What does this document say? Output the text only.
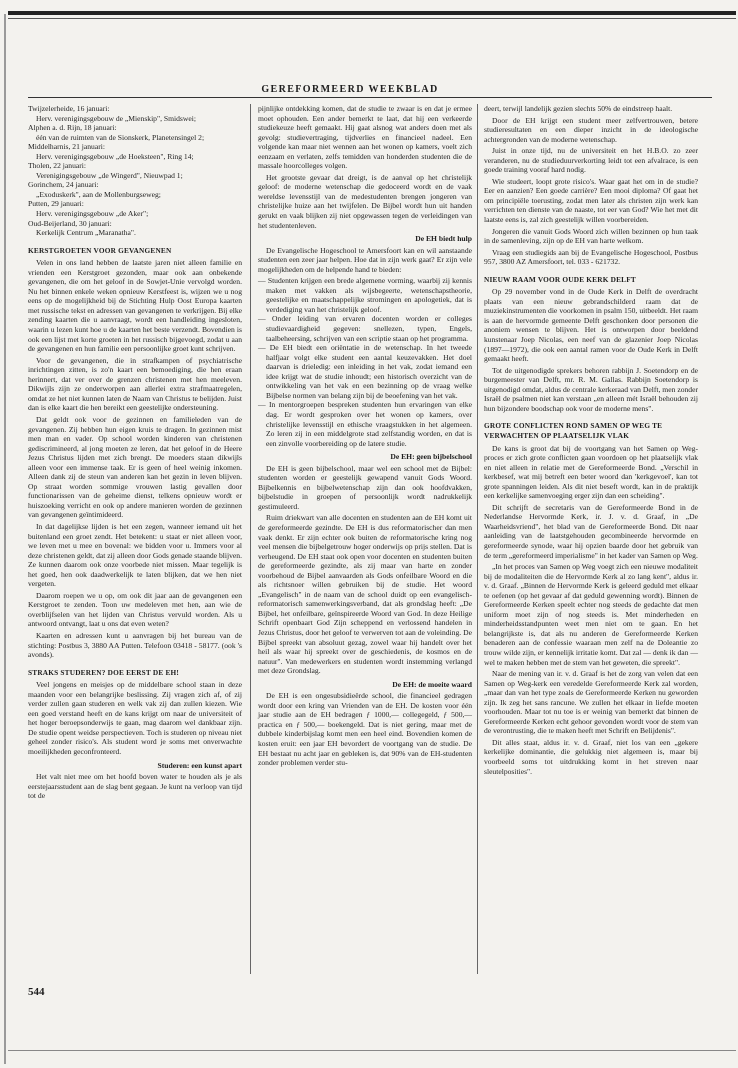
GEREFORMEERD WEEKBLAD
Twijzelerheide, 16 januari:
Herv. verenigingsgebouw de „Mienskip", Smidswei;
Alphen a. d. Rijn, 18 januari:
één van de ruimten van de Sionskerk, Planetensingel 2;
Middelharnis, 21 januari:
Herv. verenigingsgebouw „de Hoeksteen", Ring 14;
Tholen, 22 januari:
Verenigingsgebouw „de Wingerd", Nieuwpad 1;
Gorinchem, 24 januari:
„Exoduskerk", aan de Mollenburgseweg;
Putten, 29 januari:
Herv. verenigingsgebouw „de Aker";
Oud-Beijerland, 30 januari:
Kerkelijk Centrum „Maranatha".
KERSTGROETEN VOOR GEVANGENEN

Velen in ons land hebben de laatste jaren niet alleen familie en vrienden een Kerstgroet gezonden, maar ook aan onbekende gevangenen, die om het geloof in de Sowjet-Unie vervolgd worden. Nu het binnen enkele weken opnieuw Kerstfeest is, wijzen we u nog eens op de mogelijkheid bij de Stichting Hulp Oost Europa kaarten met russische tekst en adressen van gevangenen te verkrijgen. Bij elke zending kaarten die u aanvraagt, wordt een handleiding ingesloten, waarin u lezen kunt hoe u de kaarten het beste verzendt. Bovendien is ook een lijst met korte groeten in het russisch bijgevoegd, zodat u aan de gevangenen en hun familie een persoonlijke groet kunt schrijven.

Voor de gevangenen, die in strafkampen of psychiatrische inrichtingen zitten, is zo'n kaart een bemoediging, die hen eraan herinnert, dat ver over de grenzen christenen met hen meeleven. Dikwijls zijn ze onderworpen aan allerlei extra strafmaatregelen, omdat ze het niet kunnen laten de Naam van Christus te belijden. Juist dan is elke kaart die hen bereikt een geestelijke ondersteuning.

Dat geldt ook voor de gezinnen en familieleden van de gevangenen. Zij hebben hun eigen kruis te dragen. In gezinnen mist men man en vader. Op school worden kinderen van christenen gediscrimineerd, al jong moeten ze leren, dat het geloof in de Heere Jezus Christus lijden met zich brengt. De moeders staan dikwijls alleen voor een immense taak. Er is geen of heel weinig inkomen. Alleen dank zij de steun van anderen kan het gezin in leven blijven. Op straat worden sommige vrouwen lastig gevallen door functionarissen van de geheime dienst, telkens opnieuw wordt er huiszoeking verricht en ook op andere manieren worden de gezinnen van gevangenen geïntimideerd.

In dat dagelijkse lijden is het een zegen, wanneer iemand uit het buitenland een groet zendt. Het betekent: u staat er niet alleen voor, we leven met u mee en bovenal: we bidden voor u. Immers voor al deze christenen geldt, dat zij alleen door Gods genade staande blijven. Ze kunnen daarom ook onze voorbede niet missen. Maar tegelijk is het goed, hen ook daadwerkelijk te laten blijken, dat we hen niet vergeten.

Daarom roepen we u op, om ook dit jaar aan de gevangenen een Kerstgroet te zenden. Toon uw medeleven met hen, aan wie de overblijfselen van het lijden van Christus vervuld worden. Als u antwoord ontvangt, laat u ons dat even weten?

Kaarten en adressen kunt u aanvragen bij het bureau van de stichting: Postbus 3, 3880 AA Putten. Telefoon 03418 - 58177. (ook 's avonds).

STRAKS STUDEREN? DOE EERST DE EH!

Veel jongens en meisjes op de middelbare school staan in deze maanden voor een belangrijke beslissing. Zij vragen zich af, of zij verder zullen gaan studeren en welk vak zij dan zullen kiezen. Wie een goed verstand heeft en de kans krijgt om naar de universiteit of het hoger beroepsonderwijs te gaan, mag daarom wel dankbaar zijn. De studie opent weidse perspectieven. Toch is studeren op niveau niet geheel zonder risico's. Als student word je soms met onverwachte moeilijkheden geconfronteerd.

Studeren: een kunst apart

Het valt niet mee om het hoofd boven water te houden als je als eerstejaarsstudent aan de slag bent gegaan. Je kunt na verloop van tijd tot de

pijnlijke ontdekking komen, dat de studie te zwaar is en dat je ermee moet ophouden. Een ander bemerkt te laat, dat hij een verkeerde studiekeuze heeft gemaakt. Hij gaat alsnog wat anders doen met als gevolg: studievertraging, tijdverlies en financieel nadeel. Een volgende kan maar niet wennen aan het wonen op kamers, voelt zich eenzaam en verlaten, zelfs temidden van honderden studenten die de massale hoorcolleges volgen.

Het grootste gevaar dat dreigt, is de aanval op het christelijk geloof: de moderne wetenschap die gedoceerd wordt en de vaak wereldse levensstijl van de medestudenten brengen jongeren van christelijke huize aan het twijfelen. De Bijbel wordt hun uit handen gerukt en vaak blijken zij niet opgewassen tegen de verleidingen van het studentenleven.

De EH biedt hulp

De Evangelische Hogeschool te Amersfoort kan en wil aanstaande studenten een zeer jaar helpen. Hoe dat in zijn werk gaat? Er zijn vele mogelijkheden om de helpende hand te bieden:

— Studenten krijgen een brede algemene vorming, waarbij zij kennis maken met vakken als wijsbegeerte, wetenschapstheorie, geestelijke en maatschappelijke stromingen en apologetiek, dat is verdediging van het christelijk geloof.
— Onder leiding van ervaren docenten worden er colleges studievaardigheid gegeven: snellezen, typen, Engels, taalbeheersing, schrijven van een scriptie staan op het programma.
— De EH biedt een oriëntatie in de wetenschap. In het tweede halfjaar volgt elke student een aantal keuzevakken. Het doel daarvan is drieledig: een inleiding in het vak, zodat iemand een idee krijgt wat de studie inhoudt; een historisch overzicht van de ontwikkeling van het vak en een bezinning op de vraag welke Bijbelse normen van belang zijn bij de beoefening van het vak.
— In mentorgroepen bespreken studenten hun ervaringen van elke dag. Er wordt gesproken over het wonen op kamers, over christelijke levensstijl en ethische vraagstukken in het algemeen. Zo leren zij in een middelgrote stad zelfstandig worden, en dat is een zinvolle voorbereiding op de latere studie.
De EH: geen bijbelschool

De EH is geen bijbelschool, maar wel een school met de Bijbel: studenten worden er geestelijk gewapend vanuit Gods Woord. Bijbelkennis en bijbelwetenschap zijn dan ook hoofdvakken, bijbelstudie in groepen of persoonlijk wordt nadrukkelijk gestimuleerd.

Ruim driekwart van alle docenten en studenten aan de EH komt uit de gereformeerde gezindte. De EH is dus reformatorischer dan men vaak denkt. Er zijn echter ook buiten de reformatorische kring nog veel mensen die bijbelgetrouw hoger onderwijs op prijs stellen. Dat is verheugend. De EH staat ook open voor docenten en studenten buiten de gereformeerde gezindte, als zij maar van harte en zonder voorbehoud de Bijbel aanvaarden als Gods onfeilbare Woord en die als richtsnoer willen gebruiken bij de studie. Het woord „Evangelisch" in de naam van de school duidt op een evangelisch-reformatorisch samenwerkingsverband, dat als grondslag heeft: „De Bijbel, het onfeilbare, geïnspireerde Woord van God. In deze Heilige Schrift openbaart God Zijn scheppend en verlossend handelen in Jezus Christus, door het geloof te verwerven tot aan de voleinding. De Bijbel spreekt van absoluut gezag, zowel waar hij handelt over het heil als waar hij spreekt over de geschiedenis, de kosmos en de natuur". Van medewerkers en studenten wordt instemming verlangd met deze Grondslag.

De EH: de moeite waard

De EH is een ongesubsidieërde school, die financieel gedragen wordt door een kring van Vrienden van de EH. De kosten voor één jaar studie aan de EH bedragen ƒ 1000,— collegegeld, ƒ 500,— practica en ƒ 500,— boekengeld. Dat is niet gering, maar met de dubbele kinderbijslag komt men een heel eind. Bovendien komen de kosten eruit: een jaar EH bevordert de voortgang van de studie. De EH bestaat nu acht jaar en gebleken is, dat 90% van de EH-studenten zonder problemen verder stu-

deert, terwijl landelijk gezien slechts 50% de eindstreep haalt.

Door de EH krijgt een student meer zelfvertrouwen, betere studieresultaten en een dieper inzicht in de ideologische achtergronden van de moderne wetenschap.

Juist in onze tijd, nu de universiteit en het H.B.O. zo zeer veranderen, nu de studieduurverkorting leidt tot een afvalrace, is een goede training vooraf hard nodig.

Wie studeert, loopt grote risico's. Waar gaat het om in de studie? Eer en aanzien? Een goede carrière? Een mooi diploma? Of gaat het om principiële toerusting, zodat men later als christen zijn werk kan verrichten ten dienste van de naaste, tot eer van God? Wie het met dit laatste eens is, zal zich geestelijk willen voorbereiden.

Jongeren die vanuit Gods Woord zich willen bezinnen op hun taak in de samenleving, zijn op de EH van harte welkom.

Vraag een studiegids aan bij de Evangelische Hogeschool, Postbus 957, 3800 AZ Amersfoort, tel. 033 - 621732.

NIEUW RAAM VOOR OUDE KERK DELFT

Op 29 november vond in de Oude Kerk in Delft de overdracht plaats van een nieuw gebrandschilderd raam dat de muziekinstrumenten die voorkomen in psalm 150, uitbeeldt. Het raam is aan de hervormde gemeente Delft geschonken door personen die anoniem wensen te blijven. Het is ontworpen door beeldend kunstenaar Joep Nicolas, een neef van de glazenier Joep Nicolas (1897—1972), die ook een aantal ramen voor de Oude Kerk in Delft gemaakt heeft.

Tot de uitgenodigde sprekers behoren rabbijn J. Soetendorp en de burgemeester van Delft, mr. R. M. Gallas. Rabbijn Soetendorp is uitgenodigd omdat, aldus de centrale kerkeraad van Delft, men zonder Israël de psalmen niet kan verstaan „en alleen mét Israël behouden zij hun bijzondere boodschap ook voor de moderne mens".

GROTE CONFLICTEN ROND SAMEN OP WEG TE VERWACHTEN OP PLAATSELIJK VLAK

De kans is groot dat bij de voortgang van het Samen op Weg-proces er zich grote conflicten gaan voordoen op het plaatselijk vlak en niet alleen in relatie met de Gereformeerde Bond. „Verschil in kerkbesef, wat mij betreft een beter woord dan 'kerkgevoel', kan tot grote spanningen leiden. Als dit niet beseft wordt, kan in de praktijk een kerkelijke samenvoeging erger zijn dan een scheiding".

Dit schrijft de secretaris van de Gereformeerde Bond in de Nederlandse Hervormde Kerk, ir. J. v. d. Graaf, in „De Waarheidsvriend", het blad van de Gereformeerde Bond. Dit naar aanleiding van de laatstgehouden gecombineerde hervormde en gereformeerde synode, waar hij opzien baarde door het gebruik van de term „gereformeerd imperialisme" in het kader van Samen op Weg.

„In het proces van Samen op Weg voegt zich een nieuwe modaliteit bij de modaliteiten die de Hervormde Kerk al zo lang kent", aldus ir. v. d. Graaf. „Binnen de Hervormde Kerk is geleerd geduld met elkaar te oefenen (op het gevaar af dat geduld gewenning wordt). Binnen de Gereformeerde Kerken speelt echter nog steeds de gedachte dat men uniform moet zijn of nog steeds is. Met minderheden en minderheidsstandpunten weet men niet om te gaan. En het belangrijkste is, dat als nu anderen de Gereformeerde Kerken benaderen aan de confessie waaraan men zelf na de Doleantie zo trouw wilde zijn, er kennelijk irritatie komt. Dat zal — denk ik dan — wel te maken hebben met de stem van het geweten, die spreekt".

Naar de mening van ir. v. d. Graaf is het de zorg van velen dat een Samen op Weg-kerk een veredelde Gereformeerde Kerk zal worden, „maar dan van het type zoals de Gereformeerde Kerken nu geworden zijn. Ik zeg het sans rancune. We zullen het elkaar in liefde moeten voorhouden. Maar tot nu toe is er weinig van bemerkt dat binnen de Gereformeerde Kerken echt gehoor gevonden wordt voor de stem van de verontrusting, die te maken heeft met Schrift en Belijdenis".

Dit alles staat, aldus ir. v. d. Graaf, niet los van een „gekere kerkelijke dominantie, die gelukkig niet algemeen is, maar bij voorbeeld soms tot uitdrukking komt in het streven naar sleutelposities".

544
